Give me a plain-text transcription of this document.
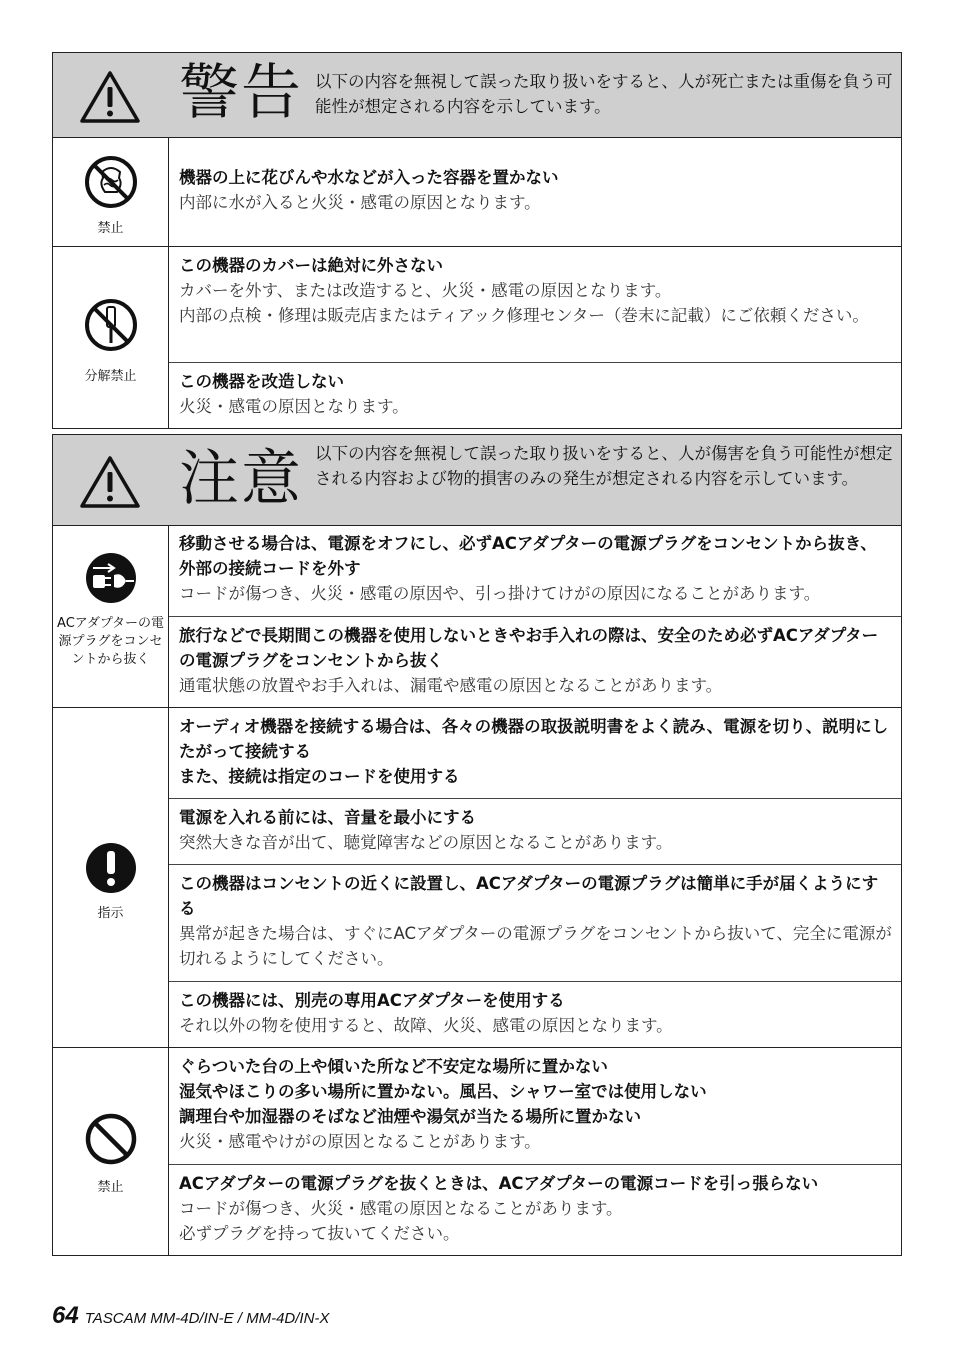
警告 以下の内容を無視して誤った取り扱いをすると、人が死亡または重傷を負う可能性が想定される内容を示しています。
禁止
機器の上に花びんや水などが入った容器を置かない
内部に水が入ると火災・感電の原因となります。
分解禁止
この機器のカバーは絶対に外さない
カバーを外す、または改造すると、火災・感電の原因となります。
内部の点検・修理は販売店またはティアック修理センター（巻末に記載）にご依頼ください。
この機器を改造しない
火災・感電の原因となります。
注意 以下の内容を無視して誤った取り扱いをすると、人が傷害を負う可能性が想定される内容および物的損害のみの発生が想定される内容を示しています。
ACアダプターの電源プラグをコンセントから抜く
移動させる場合は、電源をオフにし、必ずACアダプターの電源プラグをコンセントから抜き、外部の接続コードを外す
コードが傷つき、火災・感電の原因や、引っ掛けてけがの原因になることがあります。
旅行などで長期間この機器を使用しないときやお手入れの際は、安全のため必ずACアダプターの電源プラグをコンセントから抜く
通電状態の放置やお手入れは、漏電や感電の原因となることがあります。
指示
オーディオ機器を接続する場合は、各々の機器の取扱説明書をよく読み、電源を切り、説明にしたがって接続する
また、接続は指定のコードを使用する
電源を入れる前には、音量を最小にする
突然大きな音が出て、聴覚障害などの原因となることがあります。
この機器はコンセントの近くに設置し、ACアダプターの電源プラグは簡単に手が届くようにする
異常が起きた場合は、すぐにACアダプターの電源プラグをコンセントから抜いて、完全に電源が切れるようにしてください。
この機器には、別売の専用ACアダプターを使用する
それ以外の物を使用すると、故障、火災、感電の原因となります。
禁止
ぐらついた台の上や傾いた所など不安定な場所に置かない
湿気やほこりの多い場所に置かない。風呂、シャワー室では使用しない
調理台や加湿器のそばなど油煙や湯気が当たる場所に置かない
火災・感電やけがの原因となることがあります。
ACアダプターの電源プラグを抜くときは、ACアダプターの電源コードを引っ張らない
コードが傷つき、火災・感電の原因となることがあります。
必ずプラグを持って抜いてください。
64 TASCAM MM-4D/IN-E / MM-4D/IN-X
